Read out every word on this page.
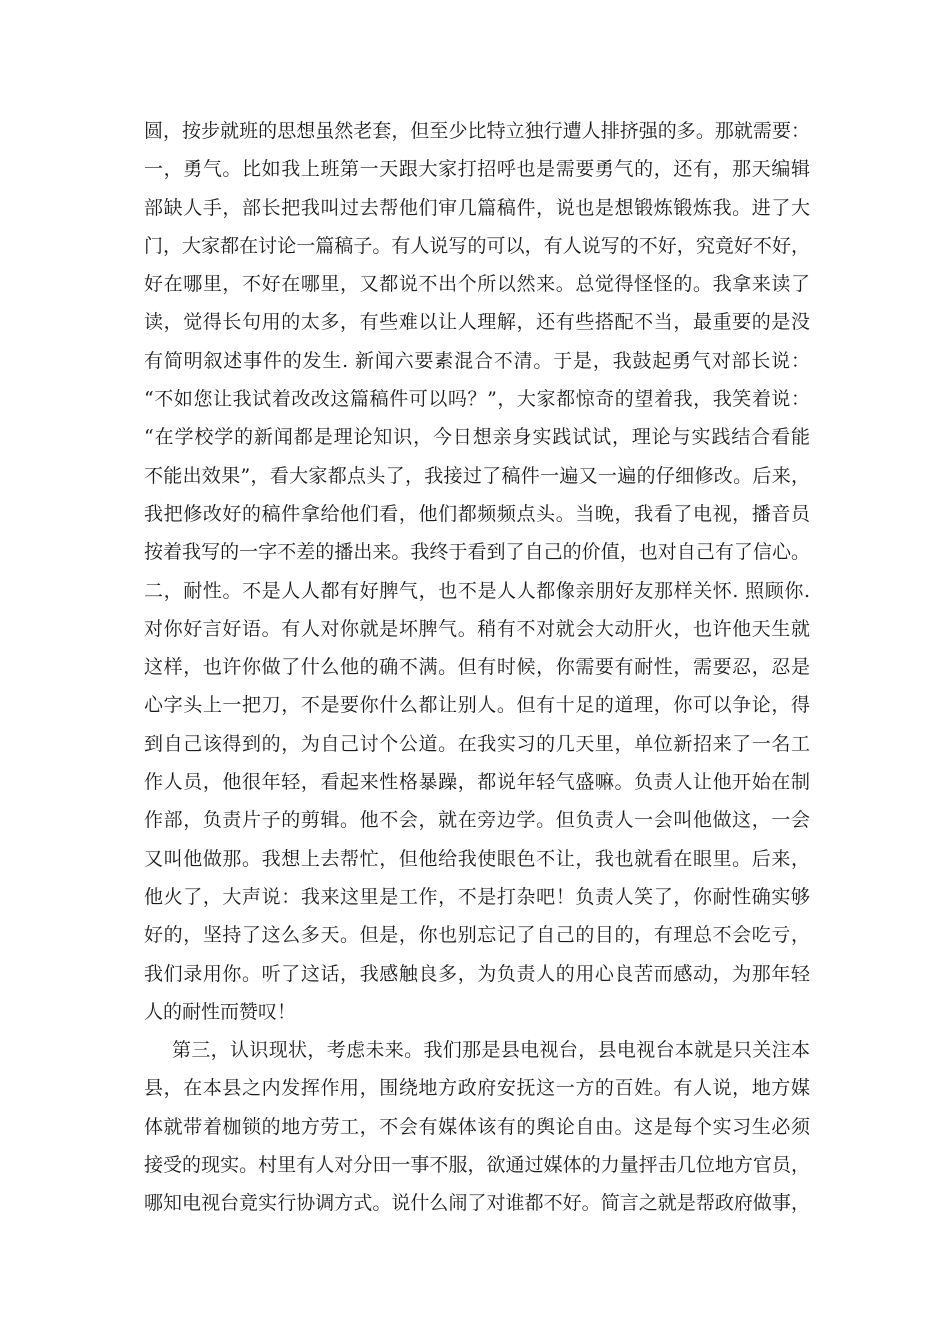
圆，按步就班的思想虽然老套，但至少比特立独行遭人排挤强的多。那就需要：
一，勇气。比如我上班第一天跟大家打招呼也是需要勇气的，还有，那天编辑
部缺人手，部长把我叫过去帮他们审几篇稿件，说也是想锻炼锻炼我。进了大
门，大家都在讨论一篇稿子。有人说写的可以，有人说写的不好，究竟好不好，
好在哪里，不好在哪里，又都说不出个所以然来。总觉得怪怪的。我拿来读了
读，觉得长句用的太多，有些难以让人理解，还有些搭配不当，最重要的是没
有简明叙述事件的发生. 新闻六要素混合不清。于是，我鼓起勇气对部长说：
“不如您让我试着改改这篇稿件可以吗？”，大家都惊奇的望着我，我笑着说：
“在学校学的新闻都是理论知识，今日想亲身实践试试，理论与实践结合看能
不能出效果”，看大家都点头了，我接过了稿件一遍又一遍的仔细修改。后来，
我把修改好的稿件拿给他们看，他们都频频点头。当晚，我看了电视，播音员
按着我写的一字不差的播出来。我终于看到了自己的价值，也对自己有了信心。
二，耐性。不是人人都有好脾气，也不是人人都像亲朋好友那样关怀. 照顾你.
对你好言好语。有人对你就是坏脾气。稍有不对就会大动肝火，也许他天生就
这样，也许你做了什么他的确不满。但有时候，你需要有耐性，需要忍，忍是
心字头上一把刀，不是要你什么都让别人。但有十足的道理，你可以争论，得
到自己该得到的，为自己讨个公道。在我实习的几天里，单位新招来了一名工
作人员，他很年轻，看起来性格暴躁，都说年轻气盛嘛。负责人让他开始在制
作部，负责片子的剪辑。他不会，就在旁边学。但负责人一会叫他做这，一会
又叫他做那。我想上去帮忙，但他给我使眼色不让，我也就看在眼里。后来，
他火了，大声说：我来这里是工作，不是打杂吧！负责人笑了，你耐性确实够
好的，坚持了这么多天。但是，你也别忘记了自己的目的，有理总不会吃亏，
我们录用你。听了这话，我感触良多，为负责人的用心良苦而感动，为那年轻
人的耐性而赞叹！
第三，认识现状，考虑未来。我们那是县电视台，县电视台本就是只关注本
县，在本县之内发挥作用，围绕地方政府安抚这一方的百姓。有人说，地方媒
体就带着枷锁的地方劳工，不会有媒体该有的舆论自由。这是每个实习生必须
接受的现实。村里有人对分田一事不服，欲通过媒体的力量抨击几位地方官员，
哪知电视台竟实行协调方式。说什么闹了对谁都不好。简言之就是帮政府做事，
